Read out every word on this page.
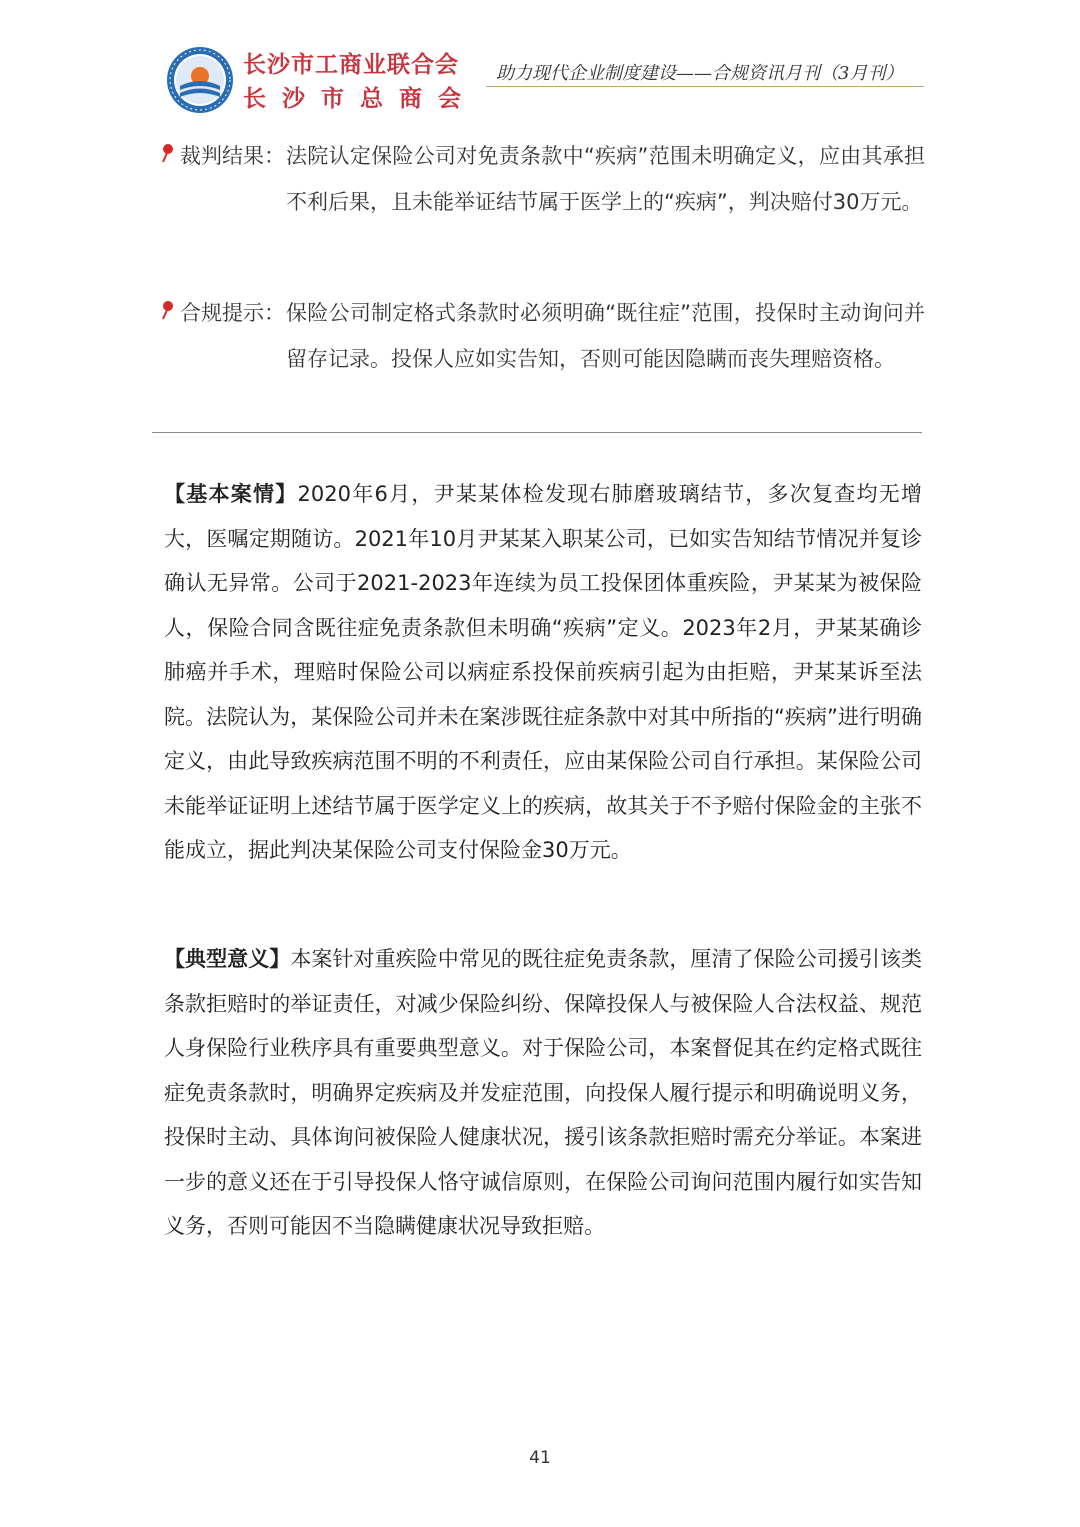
长沙市工商业联合会
长沙市总商会
助力现代企业制度建设——合规资讯月刊（3月刊）
裁判结果： 法院认定保险公司对免责条款中“疾病”范围未明确定义，应由其承担不利后果，且未能举证结节属于医学上的“疾病”，判决赔付30万元。
合规提示： 保险公司制定格式条款时必须明确“既往症”范围，投保时主动询问并留存记录。投保人应如实告知，否则可能因隐瞒而丧失理赔资格。

【基本案情】2020年6月，尹某某体检发现右肺磨玻璃结节，多次复查均无增大，医嘱定期随访。2021年10月尹某某入职某公司，已如实告知结节情况并复诊确认无异常。公司于2021-2023年连续为员工投保团体重疾险，尹某某为被保险人，保险合同含既往症免责条款但未明确“疾病”定义。2023年2月，尹某某确诊肺癌并手术，理赔时保险公司以病症系投保前疾病引起为由拒赔，尹某某诉至法院。法院认为，某保险公司并未在案涉既往症条款中对其中所指的“疾病”进行明确定义，由此导致疾病范围不明的不利责任，应由某保险公司自行承担。某保险公司未能举证证明上述结节属于医学定义上的疾病，故其关于不予赔付保险金的主张不能成立，据此判决某保险公司支付保险金30万元。

【典型意义】本案针对重疾险中常见的既往症免责条款，厘清了保险公司援引该类条款拒赔时的举证责任，对减少保险纠纷、保障投保人与被保险人合法权益、规范人身保险行业秩序具有重要典型意义。对于保险公司，本案督促其在约定格式既往症免责条款时，明确界定疾病及并发症范围，向投保人履行提示和明确说明义务，投保时主动、具体询问被保险人健康状况，援引该条款拒赔时需充分举证。本案进一步的意义还在于引导投保人恪守诚信原则，在保险公司询问范围内履行如实告知义务，否则可能因不当隐瞒健康状况导致拒赔。

41
